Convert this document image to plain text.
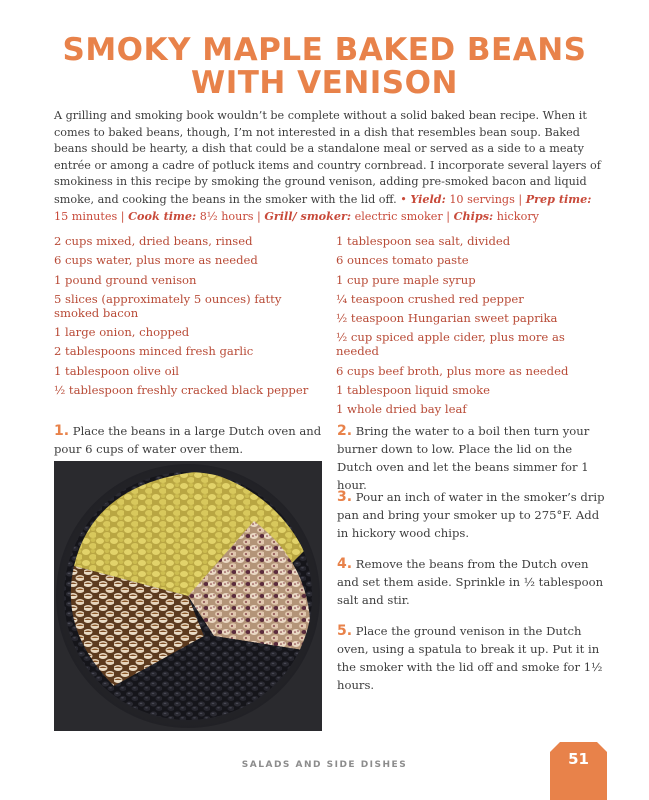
SMOKY MAPLE BAKED BEANS
WITH VENISON

A grilling and smoking book wouldn’t be complete without a solid baked bean recipe. When it comes to baked beans, though, I’m not interested in a dish that resembles bean soup. Baked beans should be hearty, a dish that could be a standalone meal or served as a side to a meaty entrée or among a cadre of potluck items and country cornbread. I incorporate several layers of smokiness in this recipe by smoking the ground venison, adding pre-smoked bacon and liquid smoke, and cooking the beans in the smoker with the lid off. • Yield: 10 servings | Prep time: 15 minutes | Cook time: 8½ hours | Grill/ smoker: electric smoker | Chips: hickory

2 cups mixed, dried beans, rinsed
6 cups water, plus more as needed
1 pound ground venison
5 slices (approximately 5 ounces) fatty smoked bacon
1 large onion, chopped
2 tablespoons minced fresh garlic
1 tablespoon olive oil
½ tablespoon freshly cracked black pepper
1 tablespoon sea salt, divided
6 ounces tomato paste
1 cup pure maple syrup
¼ teaspoon crushed red pepper
½ teaspoon Hungarian sweet paprika
½ cup spiced apple cider, plus more as needed
6 cups beef broth, plus more as needed
1 tablespoon liquid smoke
1 whole dried bay leaf

1. Place the beans in a large Dutch oven and pour 6 cups of water over them.

2. Bring the water to a boil then turn your burner down to low. Place the lid on the Dutch oven and let the beans simmer for 1 hour.

3. Pour an inch of water in the smoker’s drip pan and bring your smoker up to 275°F. Add in hickory wood chips.

4. Remove the beans from the Dutch oven and set them aside. Sprinkle in ½ tablespoon salt and stir.

5. Place the ground venison in the Dutch oven, using a spatula to break it up. Put it in the smoker with the lid off and smoke for 1½ hours.

SALADS AND SIDE DISHES	51
